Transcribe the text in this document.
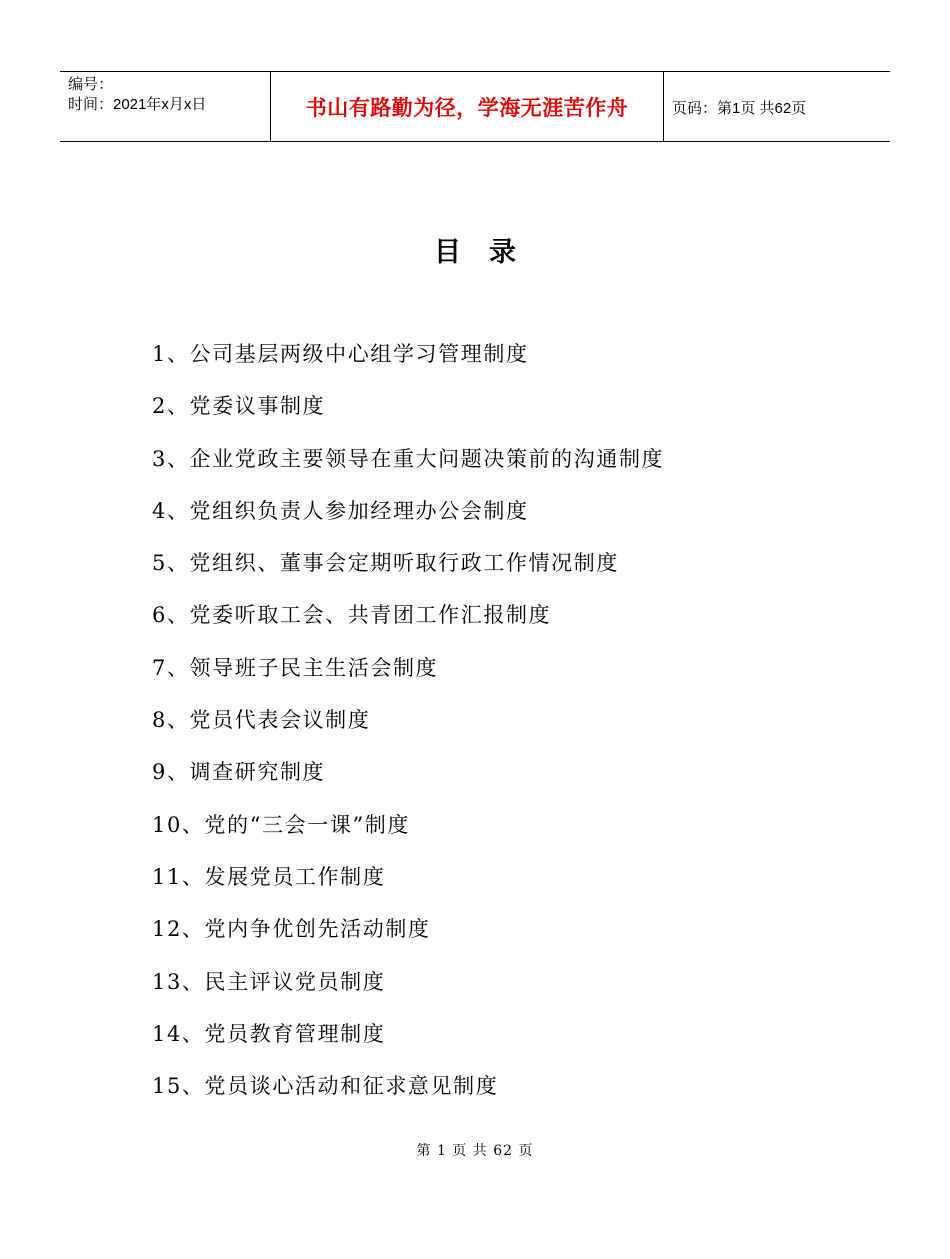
编号：
时间：2021年x月x日	书山有路勤为径，学海无涯苦作舟	页码：第1页 共62页
目录
1、公司基层两级中心组学习管理制度
2、党委议事制度
3、企业党政主要领导在重大问题决策前的沟通制度
4、党组织负责人参加经理办公会制度
5、党组织、董事会定期听取行政工作情况制度
6、党委听取工会、共青团工作汇报制度
7、领导班子民主生活会制度
8、党员代表会议制度
9、调查研究制度
10、党的“三会一课”制度
11、发展党员工作制度
12、党内争优创先活动制度
13、民主评议党员制度
14、党员教育管理制度
15、党员谈心活动和征求意见制度
第 1 页 共 62 页
